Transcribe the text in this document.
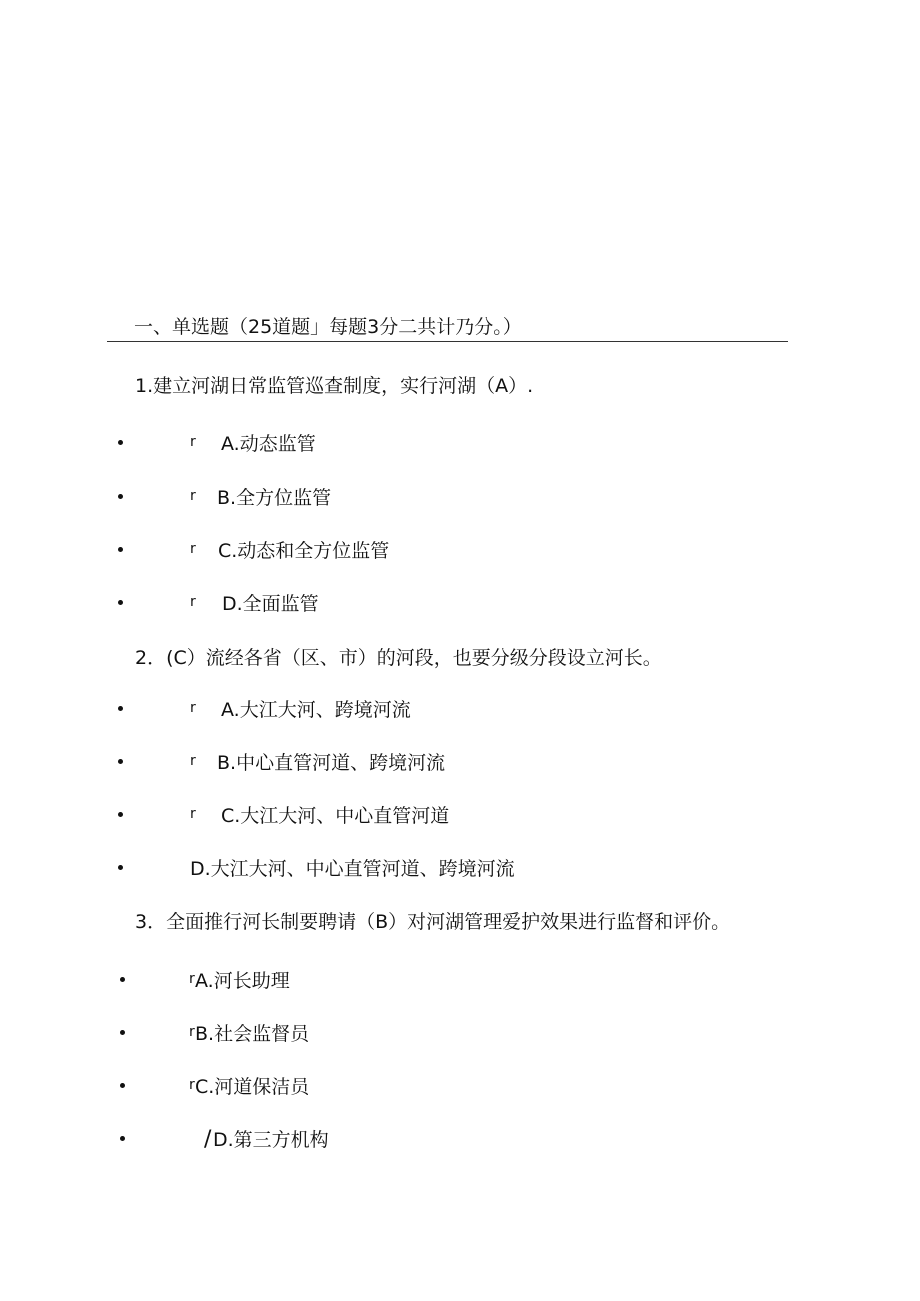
一、单选题（25道题」每题3分二共计乃分。）
1.建立河湖日常监管巡查制度，实行河湖（A）.
r A.动态监管
r B.全方位监管
r C.动态和全方位监管
r D.全面监管
2．(C）流经各省（区、市）的河段，也要分级分段设立河长。
r A.大江大河、跨境河流
r B.中心直管河道、跨境河流
r C.大江大河、中心直管河道
D.大江大河、中心直管河道、跨境河流
3．全面推行河长制要聘请（B）对河湖管理爱护效果进行监督和评价。
r A.河长助理
r B.社会监督员
r C.河道保洁员
/ D.第三方机构
